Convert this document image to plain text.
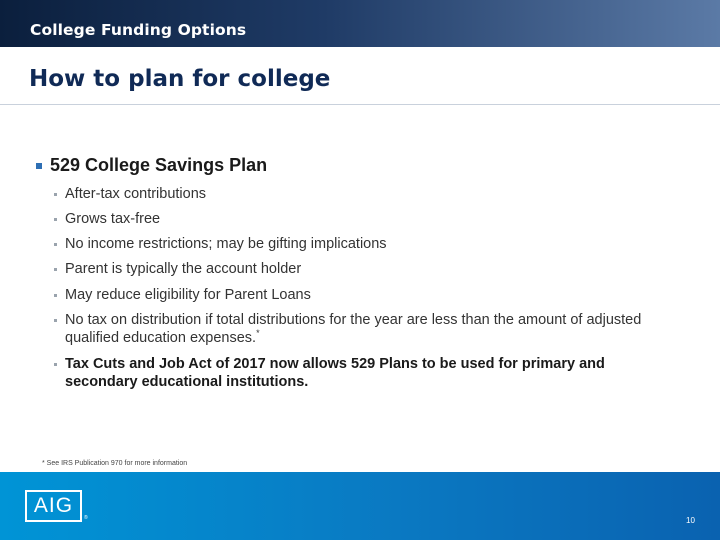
College Funding Options
How to plan for college
529 College Savings Plan
After-tax contributions
Grows tax-free
No income restrictions; may be gifting implications
Parent is typically the account holder
May reduce eligibility for Parent Loans
No tax on distribution if total distributions for the year are less than the amount of adjusted qualified education expenses.*
Tax Cuts and Job Act of 2017 now allows 529 Plans to be used for primary and secondary educational institutions.
* See IRS Publication 970 for more information
AIG
®	10
